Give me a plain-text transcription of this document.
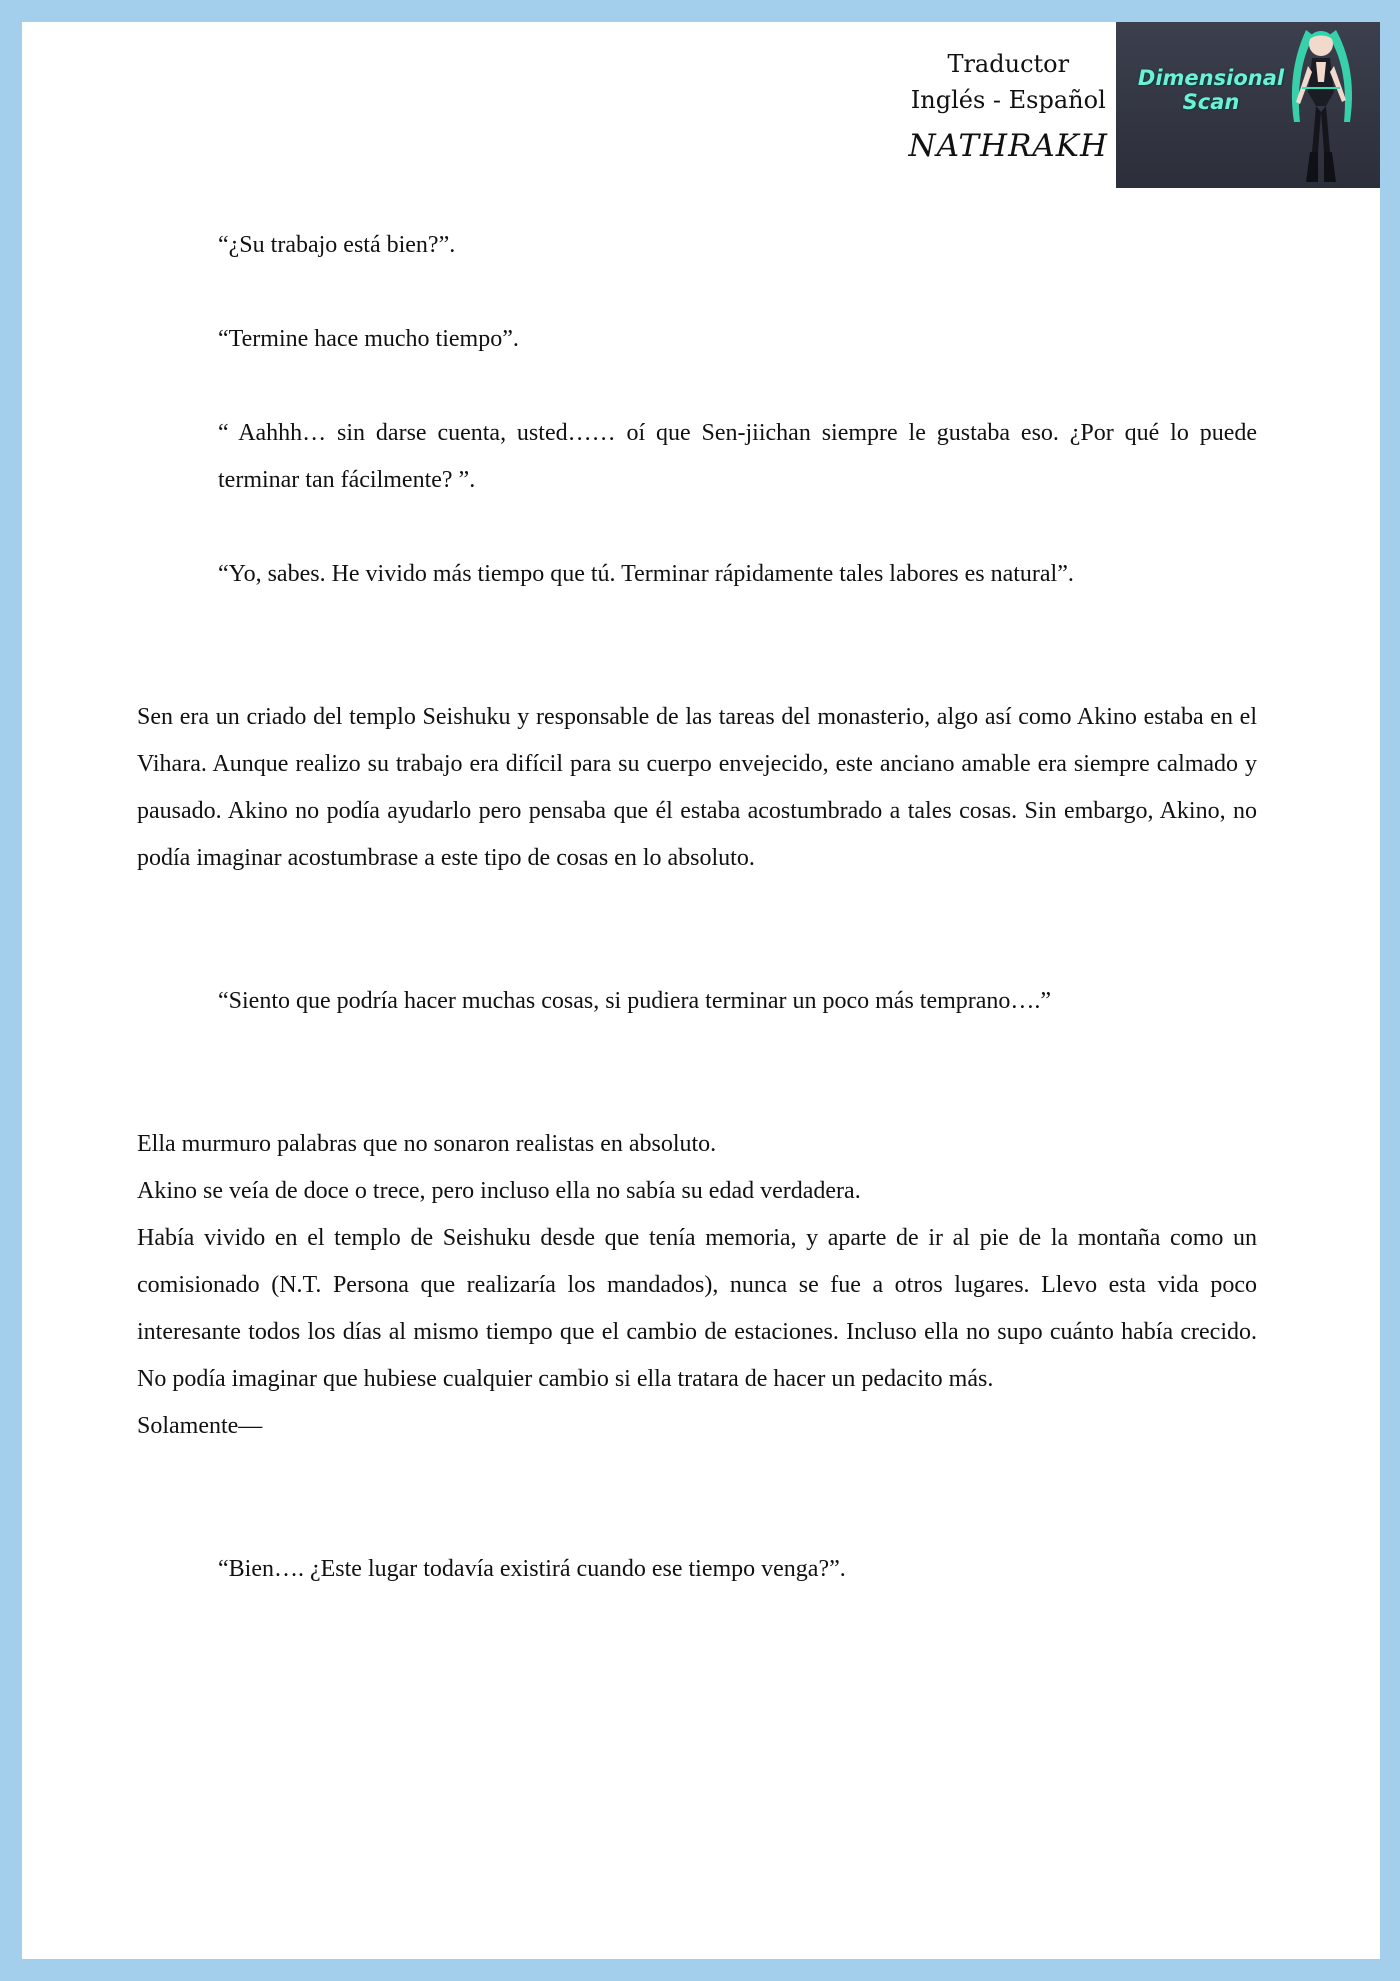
Traductor
Inglés - Español
NATHRAKH
Dimensional
Scan

“¿Su trabajo está bien?”.

“Termine hace mucho tiempo”.

“ Aahhh… sin darse cuenta, usted…… oí que Sen-jiichan siempre le gustaba eso. ¿Por qué lo puede terminar tan fácilmente? ”.

“Yo, sabes. He vivido más tiempo que tú. Terminar rápidamente tales labores es natural”.

Sen era un criado del templo Seishuku y responsable de las tareas del monasterio, algo así como Akino estaba en el Vihara. Aunque realizo su trabajo era difícil para su cuerpo envejecido, este anciano amable era siempre calmado y pausado. Akino no podía ayudarlo pero pensaba que él estaba acostumbrado a tales cosas. Sin embargo, Akino, no podía imaginar acostumbrase a este tipo de cosas en lo absoluto.

“Siento que podría hacer muchas cosas, si pudiera terminar un poco más temprano….”

Ella murmuro palabras que no sonaron realistas en absoluto.

Akino se veía de doce o trece, pero incluso ella no sabía su edad verdadera.

Había vivido en el templo de Seishuku desde que tenía memoria, y aparte de ir al pie de la montaña como un comisionado (N.T. Persona que realizaría los mandados), nunca se fue a otros lugares. Llevo esta vida poco interesante todos los días al mismo tiempo que el cambio de estaciones. Incluso ella no supo cuánto había crecido. No podía imaginar que hubiese cualquier cambio si ella tratara de hacer un pedacito más.

Solamente—

“Bien…. ¿Este lugar todavía existirá cuando ese tiempo venga?”.
